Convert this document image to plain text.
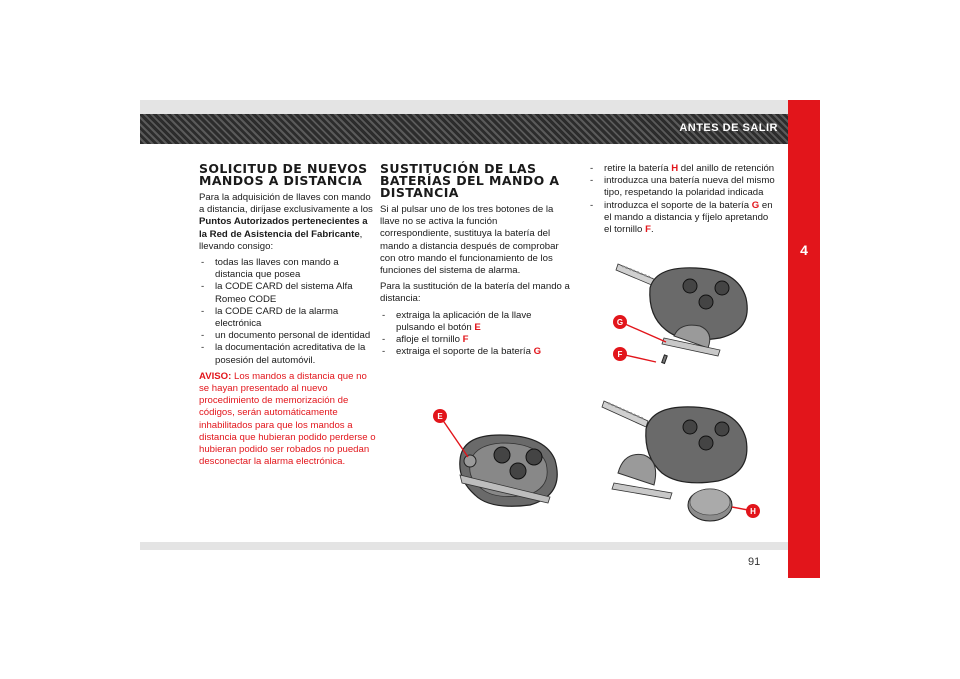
ANTES DE SALIR
4
SOLICITUD DE NUEVOS MANDOS A DISTANCIA

Para la adquisición de llaves con mando a distancia, diríjase exclusivamente a los Puntos Autorizados pertenecientes a la Red de Asistencia del Fabricante, llevando consigo:

- todas las llaves con mando a distancia que posea
- la CODE CARD del sistema Alfa Romeo CODE
- la CODE CARD de la alarma electrónica
- un documento personal de identidad
- la documentación acreditativa de la posesión del automóvil.

AVISO: Los mandos a distancia que no se hayan presentado al nuevo procedimiento de memorización de códigos, serán automáticamente inhabilitados para que los mandos a distancia que hubieran podido perderse o hubieran podido ser robados no puedan desconectar la alarma electrónica.

SUSTITUCIÓN DE LAS BATERÍAS DEL MANDO A DISTANCIA

Si al pulsar uno de los tres botones de la llave no se activa la función correspondiente, sustituya la batería del mando a distancia después de comprobar con otro mando el funcionamiento de los funciones del sistema de alarma.

Para la sustitución de la batería del mando a distancia:

- extraiga la aplicación de la llave pulsando el botón E
- afloje el tornillo F
- extraiga el soporte de la batería G
- retire la batería H del anillo de retención
- introduzca una batería nueva del mismo tipo, respetando la polaridad indicada
- introduzca el soporte de la batería G en el mando a distancia y fíjelo apretando el tornillo F.
E
G
F
H
91
